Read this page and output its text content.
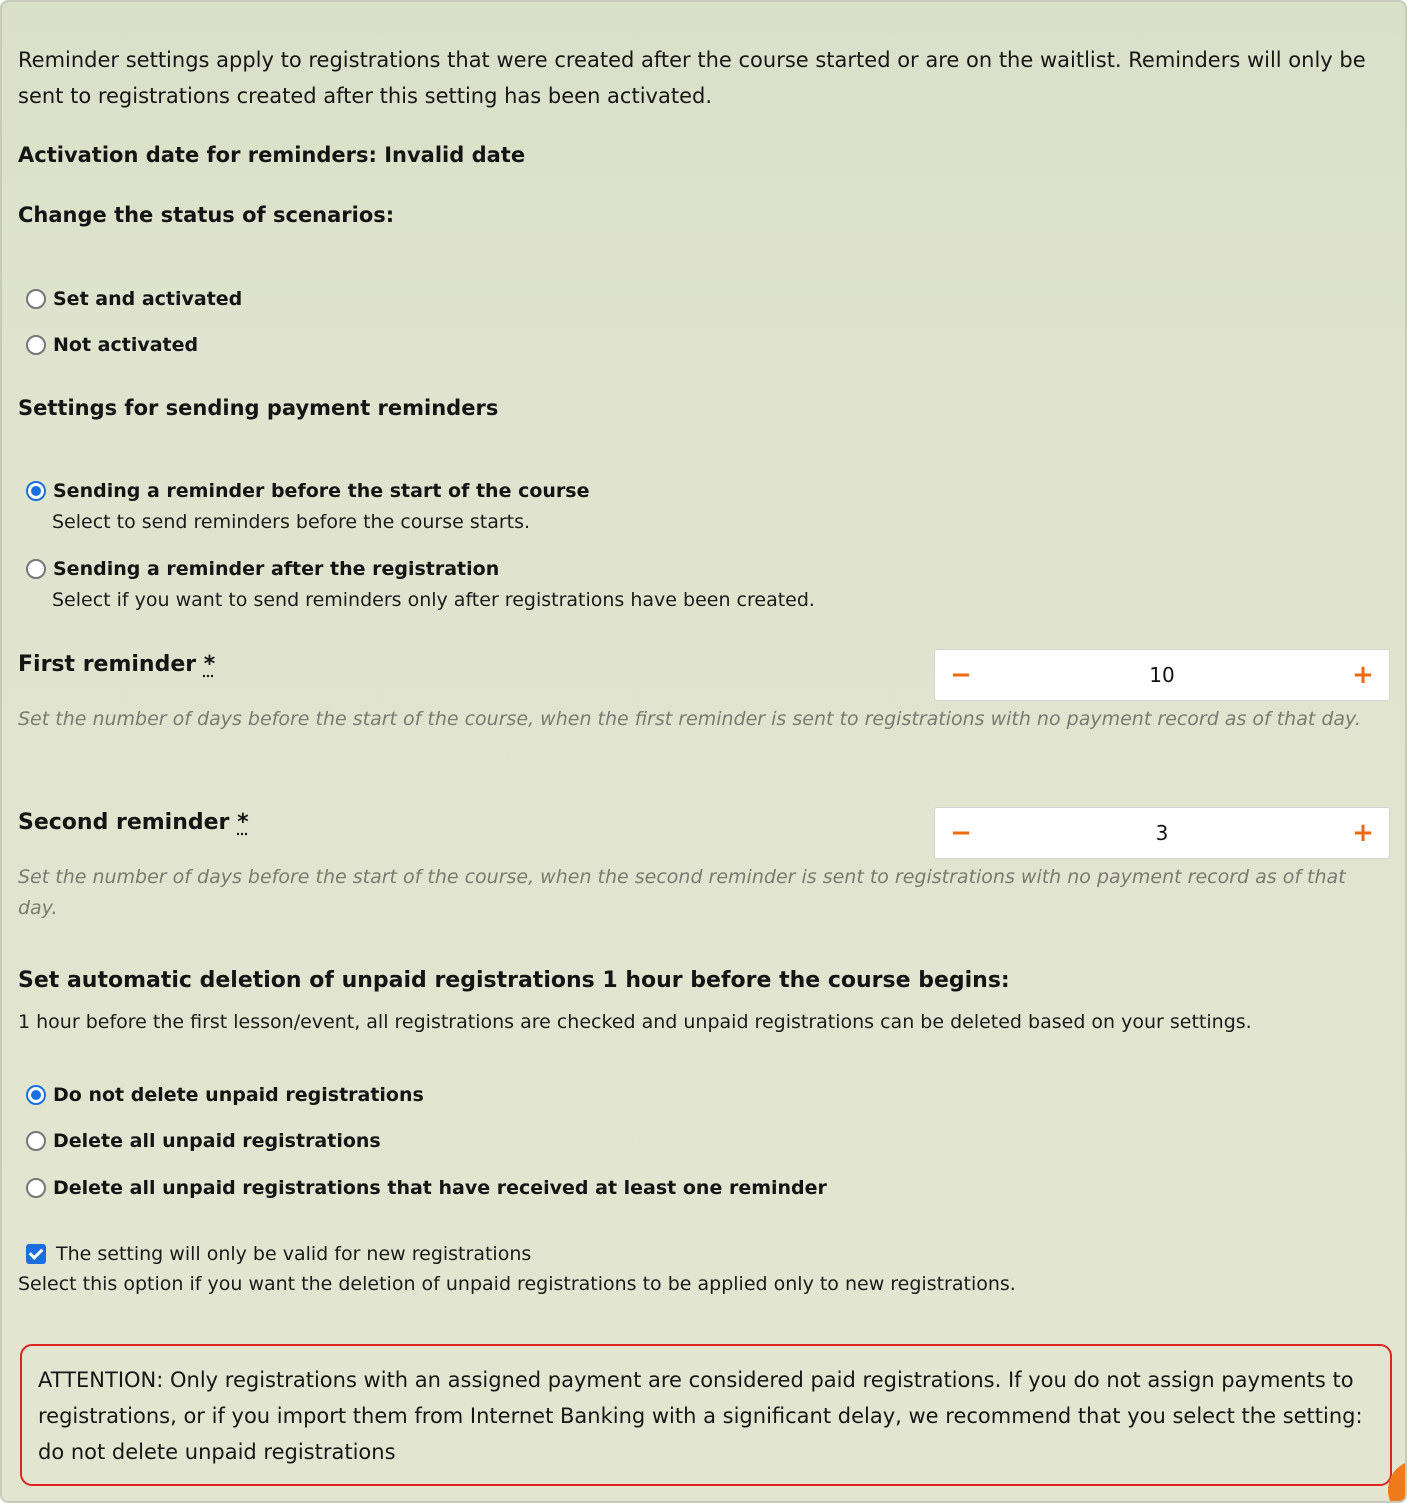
Reminder settings apply to registrations that were created after the course started or are on the waitlist. Reminders will only be sent to registrations created after this setting has been activated.
Activation date for reminders: Invalid date
Change the status of scenarios:
Set and activated
Not activated
Settings for sending payment reminders
Sending a reminder before the start of the course
Select to send reminders before the course starts.
Sending a reminder after the registration
Select if you want to send reminders only after registrations have been created.
First reminder *	−
10	+
Set the number of days before the start of the course, when the first reminder is sent to registrations with no payment record as of that day.
Second reminder *	−
3	+
Set the number of days before the start of the course, when the second reminder is sent to registrations with no payment record as of that day.
Set automatic deletion of unpaid registrations 1 hour before the course begins:
1 hour before the first lesson/event, all registrations are checked and unpaid registrations can be deleted based on your settings.
Do not delete unpaid registrations
Delete all unpaid registrations
Delete all unpaid registrations that have received at least one reminder
The setting will only be valid for new registrations
Select this option if you want the deletion of unpaid registrations to be applied only to new registrations.
ATTENTION: Only registrations with an assigned payment are considered paid registrations. If you do not assign payments to registrations, or if you import them from Internet Banking with a significant delay, we recommend that you select the setting: do not delete unpaid registrations
